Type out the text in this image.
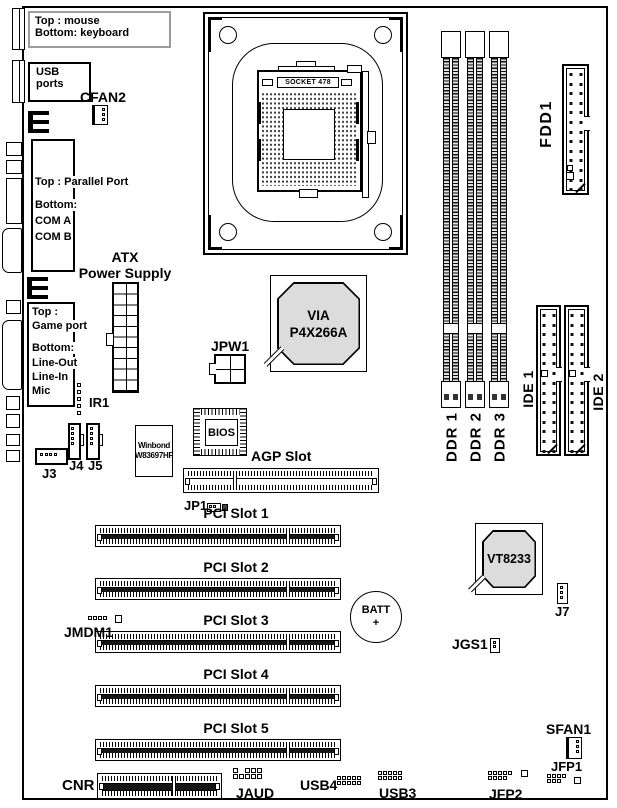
Top : mouse
Bottom: keyboard
USB
ports
Top : Parallel Port
Bottom:
COM A
COM B
Top :
Game port
Bottom:
Line-Out
Line-In
Mic
CFAN2
ATX
Power Supply
SOCKET 478
VIA
P4X266A
JPW1
IR1
J4 J5
J3
Winbond
W83697HF
BIOS
AGP Slot
JP1
PCI Slot 1
PCI Slot 2
PCI Slot 3
PCI Slot 4
PCI Slot 5
JMDM1
BATT
+
VT8233
J7
JGS1
DDR 1 DDR 2 DDR 3
FDD1
IDE 1	IDE 2
CNR	JAUD USB4	USB3	JFP2
SFAN1
JFP1
